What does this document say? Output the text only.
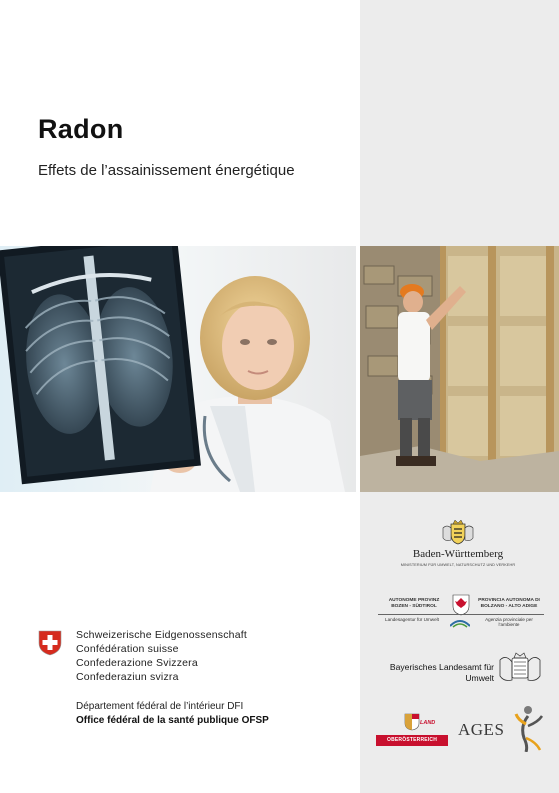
Radon
Effets de l’assainissement énergétique
Schweizerische Eidgenossenschaft
Confédération suisse
Confederazione Svizzera
Confederaziun svizra
Département fédéral de l’intérieur DFI
Office fédéral de la santé publique OFSP
Baden-Württemberg
MINISTERIUM FÜR UMWELT, NATURSCHUTZ UND VERKEHR
AUTONOME PROVINZ BOZEN - SÜDTIROL
PROVINCIA AUTONOMA DI BOLZANO - ALTO ADIGE
Landesagentur für Umwelt	Agenzia provinciale per l’ambiente
Bayerisches Landesamt für
Umwelt
LAND
OBERÖSTERREICH
AGES
